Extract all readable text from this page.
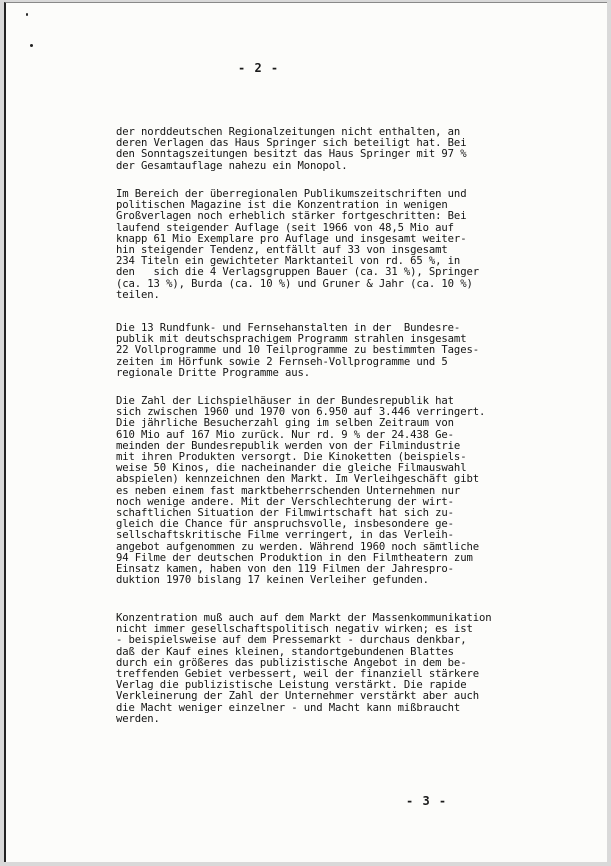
- 2 -

der norddeutschen Regionalzeitungen nicht enthalten, an
deren Verlagen das Haus Springer sich beteiligt hat. Bei
den Sonntagszeitungen besitzt das Haus Springer mit 97 %
der Gesamtauflage nahezu ein Monopol.

Im Bereich der überregionalen Publikumszeitschriften und
politischen Magazine ist die Konzentration in wenigen
Großverlagen noch erheblich stärker fortgeschritten: Bei
laufend steigender Auflage (seit 1966 von 48,5 Mio auf
knapp 61 Mio Exemplare pro Auflage und insgesamt weiter-
hin steigender Tendenz, entfällt auf 33 von insgesamt
234 Titeln ein gewichteter Marktanteil von rd. 65 %, in
den   sich die 4 Verlagsgruppen Bauer (ca. 31 %), Springer
(ca. 13 %), Burda (ca. 10 %) und Gruner & Jahr (ca. 10 %)
teilen.

Die 13 Rundfunk- und Fernsehanstalten in der  Bundesre-
publik mit deutschsprachigem Programm strahlen insgesamt
22 Vollprogramme und 10 Teilprogramme zu bestimmten Tages-
zeiten im Hörfunk sowie 2 Fernseh-Vollprogramme und 5
regionale Dritte Programme aus.

Die Zahl der Lichspielhäuser in der Bundesrepublik hat
sich zwischen 1960 und 1970 von 6.950 auf 3.446 verringert.
Die jährliche Besucherzahl ging im selben Zeitraum von
610 Mio auf 167 Mio zurück. Nur rd. 9 % der 24.438 Ge-
meinden der Bundesrepublik werden von der Filmindustrie
mit ihren Produkten versorgt. Die Kinoketten (beispiels-
weise 50 Kinos, die nacheinander die gleiche Filmauswahl
abspielen) kennzeichnen den Markt. Im Verleihgeschäft gibt
es neben einem fast marktbeherrschenden Unternehmen nur
noch wenige andere. Mit der Verschlechterung der wirt-
schaftlichen Situation der Filmwirtschaft hat sich zu-
gleich die Chance für anspruchsvolle, insbesondere ge-
sellschaftskritische Filme verringert, in das Verleih-
angebot aufgenommen zu werden. Während 1960 noch sämtliche
94 Filme der deutschen Produktion in den Filmtheatern zum
Einsatz kamen, haben von den 119 Filmen der Jahrespro-
duktion 1970 bislang 17 keinen Verleiher gefunden.

Konzentration muß auch auf dem Markt der Massenkommunikation
nicht immer gesellschaftspolitisch negativ wirken; es ist
- beispielsweise auf dem Pressemarkt - durchaus denkbar,
daß der Kauf eines kleinen, standortgebundenen Blattes
durch ein größeres das publizistische Angebot in dem be-
treffenden Gebiet verbessert, weil der finanziell stärkere
Verlag die publizistische Leistung verstärkt. Die rapide
Verkleinerung der Zahl der Unternehmer verstärkt aber auch
die Macht weniger einzelner - und Macht kann mißbraucht
werden.

- 3 -
